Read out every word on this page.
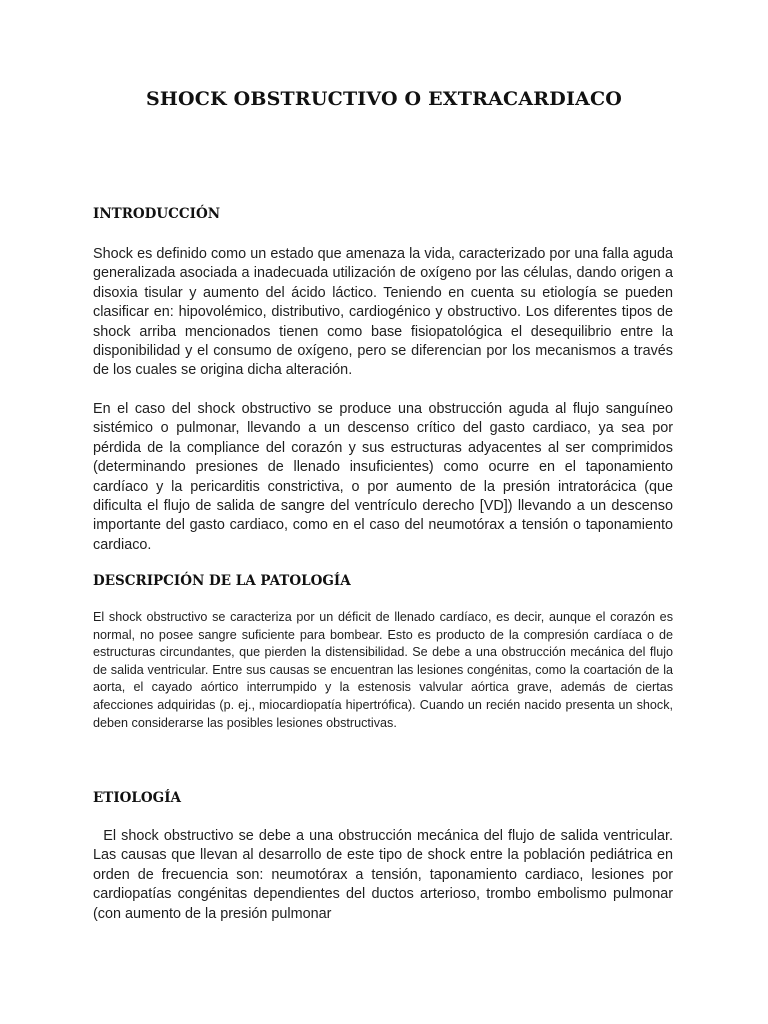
SHOCK OBSTRUCTIVO O EXTRACARDIACO
INTRODUCCIÓN

Shock es definido como un estado que amenaza la vida, caracterizado por una falla aguda generalizada asociada a inadecuada utilización de oxígeno por las células, dando origen a disoxia tisular y aumento del ácido láctico. Teniendo en cuenta su etiología se pueden clasificar en: hipovolémico, distributivo, cardiogénico y obstructivo. Los diferentes tipos de shock arriba mencionados tienen como base fisiopatológica el desequilibrio entre la disponibilidad y el consumo de oxígeno, pero se diferencian por los mecanismos a través de los cuales se origina dicha alteración.

En el caso del shock obstructivo se produce una obstrucción aguda al flujo sanguíneo sistémico o pulmonar, llevando a un descenso crítico del gasto cardiaco, ya sea por pérdida de la compliance del corazón y sus estructuras adyacentes al ser comprimidos (determinando presiones de llenado insuficientes) como ocurre en el taponamiento cardíaco y la pericarditis constrictiva, o por aumento de la presión intratorácica (que dificulta el flujo de salida de sangre del ventrículo derecho [VD]) llevando a un descenso importante del gasto cardiaco, como en el caso del neumotórax a tensión o taponamiento cardiaco.

DESCRIPCIÓN DE LA PATOLOGÍA

El shock obstructivo se caracteriza por un déficit de llenado cardíaco, es decir, aunque el corazón es normal, no posee sangre suficiente para bombear. Esto es producto de la compresión cardíaca o de estructuras circundantes, que pierden la distensibilidad. Se debe a una obstrucción mecánica del flujo de salida ventricular. Entre sus causas se encuentran las lesiones congénitas, como la coartación de la aorta, el cayado aórtico interrumpido y la estenosis valvular aórtica grave, además de ciertas afecciones adquiridas (p. ej., miocardiopatía hipertrófica). Cuando un recién nacido presenta un shock, deben considerarse las posibles lesiones obstructivas.

ETIOLOGÍA

El shock obstructivo se debe a una obstrucción mecánica del flujo de salida ventricular. Las causas que llevan al desarrollo de este tipo de shock entre la población pediátrica en orden de frecuencia son: neumotórax a tensión, taponamiento cardiaco, lesiones por cardiopatías congénitas dependientes del ductos arterioso, trombo embolismo pulmonar (con aumento de la presión pulmonar
